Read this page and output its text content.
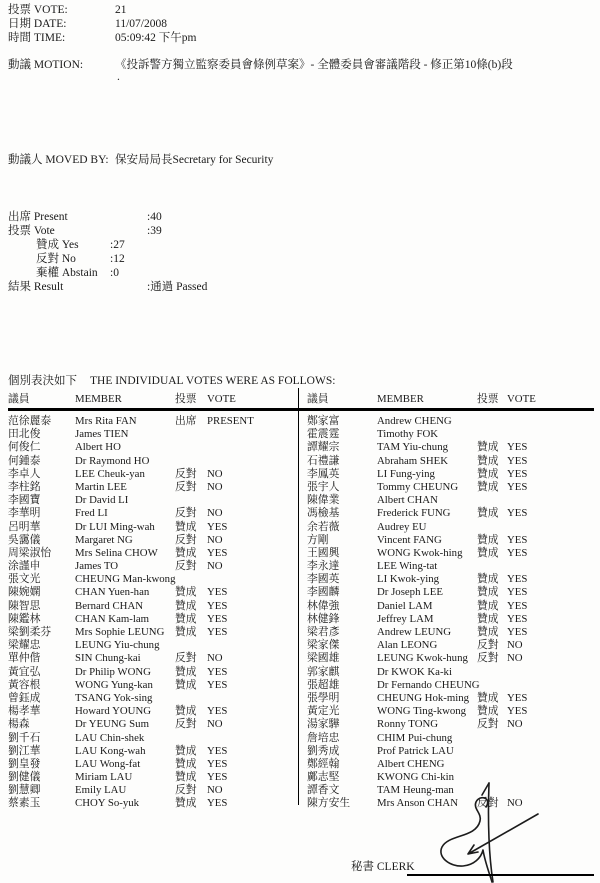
投票 VOTE:	21
日期 DATE:	11/07/2008
時間 TIME:	05:09:42 下午pm
動議 MOTION:	《投訴警方獨立監察委員會條例草案》- 全體委員會審議階段 - 修正第10條(b)段
.
動議人 MOVED BY: 保安局局長Secretary for Security
出席 Present	:40
投票 Vote	:39
贊成 Yes	:27
反對 No	:12
棄權 Abstain :0
結果 Result	:通過 Passed
個別表決如下 THE INDIVIDUAL VOTES WERE AS FOLLOWS:
議員	MEMBER	投票 VOTE
范徐麗泰	Mrs Rita FAN	出席 PRESENT
田北俊	James TIEN
何俊仁	Albert HO
何鍾泰	Dr Raymond HO
李卓人	LEE Cheuk-yan	反對 NO
李柱銘	Martin LEE	反對 NO
李國寶	Dr David LI
李華明	Fred LI	反對 NO
呂明華	Dr LUI Ming-wah	贊成 YES
吳靄儀	Margaret NG	反對 NO
周梁淑怡	Mrs Selina CHOW	贊成 YES
涂謹申	James TO	反對 NO
張文光	CHEUNG Man-kwong
陳婉嫻	CHAN Yuen-han	贊成 YES
陳智思	Bernard CHAN	贊成 YES
陳鑑林	CHAN Kam-lam	贊成 YES
梁劉柔芬	Mrs Sophie LEUNG 贊成 YES
梁耀忠	LEUNG Yiu-chung
單仲偕	SIN Chung-kai	反對 NO
黃宜弘	Dr Philip WONG	贊成 YES
黃容根	WONG Yung-kan	贊成 YES
曾鈺成	TSANG Yok-sing
楊孝華	Howard YOUNG	贊成 YES
楊森	Dr YEUNG Sum	反對 NO
劉千石	LAU Chin-shek
劉江華	LAU Kong-wah	贊成 YES
劉皇發	LAU Wong-fat	贊成 YES
劉健儀	Miriam LAU	贊成 YES
劉慧卿	Emily LAU	反對 NO
蔡素玉	CHOY So-yuk	贊成 YES
議員	MEMBER	投票 VOTE
鄭家富	Andrew CHENG
霍震霆	Timothy FOK
譚耀宗	TAM Yiu-chung	贊成 YES
石禮謙	Abraham SHEK	贊成 YES
李鳳英	LI Fung-ying	贊成 YES
張宇人	Tommy CHEUNG	贊成 YES
陳偉業	Albert CHAN
馮檢基	Frederick FUNG	贊成 YES
余若薇	Audrey EU
方剛	Vincent FANG	贊成 YES
王國興	WONG Kwok-hing	贊成 YES
李永達	LEE Wing-tat
李國英	LI Kwok-ying	贊成 YES
李國麟	Dr Joseph LEE	贊成 YES
林偉強	Daniel LAM	贊成 YES
林健鋒	Jeffrey LAM	贊成 YES
梁君彥	Andrew LEUNG	贊成 YES
梁家傑	Alan LEONG	反對 NO
梁國雄	LEUNG Kwok-hung 反對 NO
郭家麒	Dr KWOK Ka-ki
張超雄	Dr Fernando CHEUNG
張學明	CHEUNG Hok-ming 贊成 YES
黃定光	WONG Ting-kwong	贊成 YES
湯家驊	Ronny TONG	反對 NO
詹培忠	CHIM Pui-chung
劉秀成	Prof Patrick LAU
鄭經翰	Albert CHENG
鄺志堅	KWONG Chi-kin
譚香文	TAM Heung-man
陳方安生	Mrs Anson CHAN	反對 NO
秘書 CLERK
